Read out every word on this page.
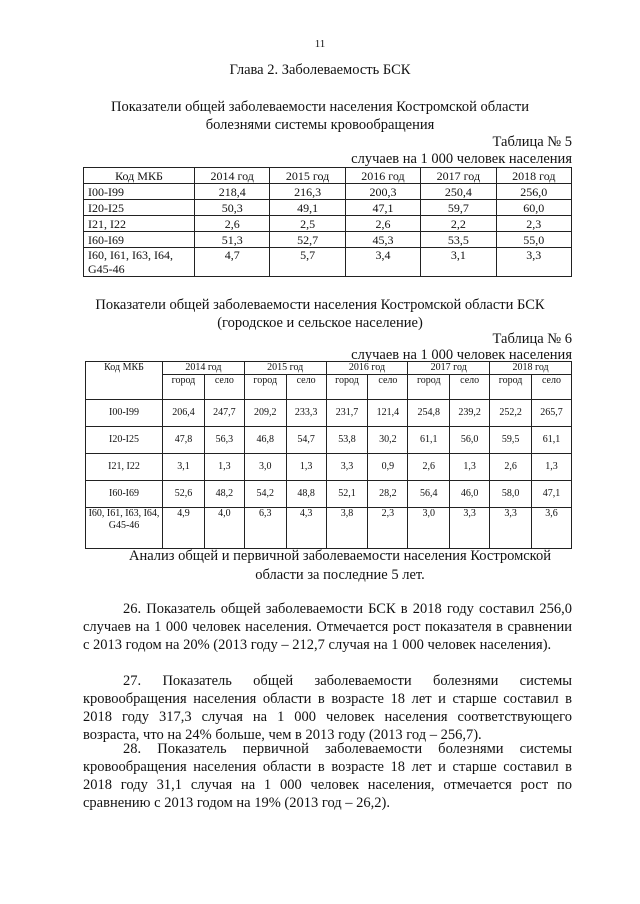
11
Глава 2. Заболеваемость БСК
Показатели общей заболеваемости населения Костромской области
болезнями системы кровообращения
Таблица № 5
случаев на 1 000 человек населения
Код МКБ	2014 год	2015 год	2016 год	2017 год	2018 год
I00-I99	218,4	216,3	200,3	250,4	256,0
I20-I25	50,3	49,1	47,1	59,7	60,0
I21, I22	2,6	2,5	2,6	2,2	2,3
I60-I69	51,3	52,7	45,3	53,5	55,0
I60, I61, I63, I64, G45-46	4,7	5,7	3,4	3,1	3,3
Показатели общей заболеваемости населения Костромской области БСК
(городское и сельское население)
Таблица № 6
случаев на 1 000 человек населения
Код МКБ	2014 год		2015 год		2016 год		2017 год		2018 год	
	город	село	город	село	город	село	город	село	город	село
I00-I99	206,4	247,7	209,2	233,3	231,7	121,4	254,8	239,2	252,2	265,7
I20-I25	47,8	56,3	46,8	54,7	53,8	30,2	61,1	56,0	59,5	61,1
I21, I22	3,1	1,3	3,0	1,3	3,3	0,9	2,6	1,3	2,6	1,3
I60-I69	52,6	48,2	54,2	48,8	52,1	28,2	56,4	46,0	58,0	47,1
I60, I61, I63, I64, G45-46	4,9	4,0	6,3	4,3	3,8	2,3	3,0	3,3	3,3	3,6
Анализ общей и первичной заболеваемости населения Костромской
области за последние 5 лет.
26. Показатель общей заболеваемости БСК в 2018 году составил 256,0 случаев на 1 000 человек населения. Отмечается рост показателя в сравнении с 2013 годом на 20% (2013 году – 212,7 случая на 1 000 человек населения).
27. Показатель общей заболеваемости болезнями системы кровообращения населения области в возрасте 18 лет и старше составил в 2018 году 317,3 случая на 1 000 человек населения соответствующего возраста, что на 24% больше, чем в 2013 году (2013 год – 256,7).
28. Показатель первичной заболеваемости болезнями системы кровообращения населения области в возрасте 18 лет и старше составил в 2018 году 31,1 случая на 1 000 человек населения, отмечается рост по сравнению с 2013 годом на 19% (2013 год – 26,2).
